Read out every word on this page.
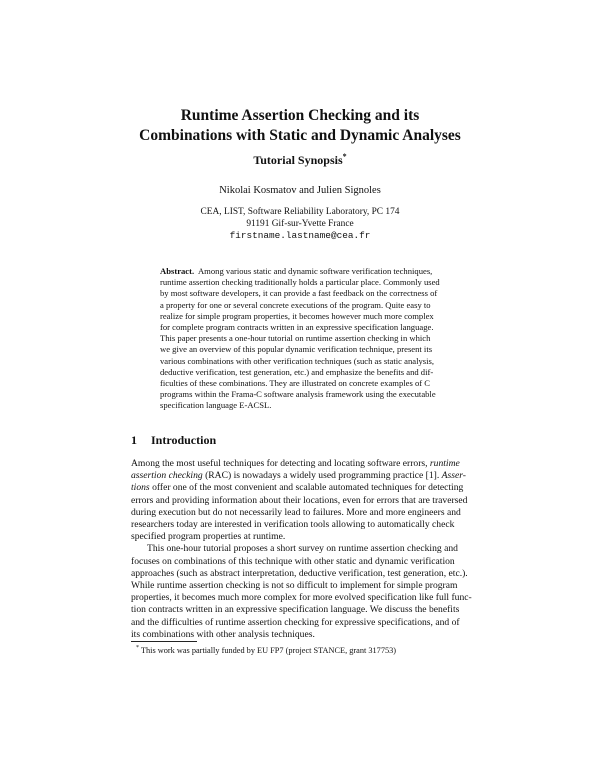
Runtime Assertion Checking and its
Combinations with Static and Dynamic Analyses
Tutorial Synopsis*
Nikolai Kosmatov and Julien Signoles
CEA, LIST, Software Reliability Laboratory, PC 174
91191 Gif-sur-Yvette France
firstname.lastname@cea.fr
Abstract. Among various static and dynamic software verification techniques,
runtime assertion checking traditionally holds a particular place. Commonly used
by most software developers, it can provide a fast feedback on the correctness of
a property for one or several concrete executions of the program. Quite easy to
realize for simple program properties, it becomes however much more complex
for complete program contracts written in an expressive specification language.
This paper presents a one-hour tutorial on runtime assertion checking in which
we give an overview of this popular dynamic verification technique, present its
various combinations with other verification techniques (such as static analysis,
deductive verification, test generation, etc.) and emphasize the benefits and dif-
ficulties of these combinations. They are illustrated on concrete examples of C
programs within the Frama-C software analysis framework using the executable
specification language E-ACSL.
1 Introduction
Among the most useful techniques for detecting and locating software errors, runtime
assertion checking (RAC) is nowadays a widely used programming practice [1]. Asser-
tions offer one of the most convenient and scalable automated techniques for detecting
errors and providing information about their locations, even for errors that are traversed
during execution but do not necessarily lead to failures. More and more engineers and
researchers today are interested in verification tools allowing to automatically check
specified program properties at runtime.
This one-hour tutorial proposes a short survey on runtime assertion checking and
focuses on combinations of this technique with other static and dynamic verification
approaches (such as abstract interpretation, deductive verification, test generation, etc.).
While runtime assertion checking is not so difficult to implement for simple program
properties, it becomes much more complex for more evolved specification like full func-
tion contracts written in an expressive specification language. We discuss the benefits
and the difficulties of runtime assertion checking for expressive specifications, and of
its combinations with other analysis techniques.
* This work was partially funded by EU FP7 (project STANCE, grant 317753)
